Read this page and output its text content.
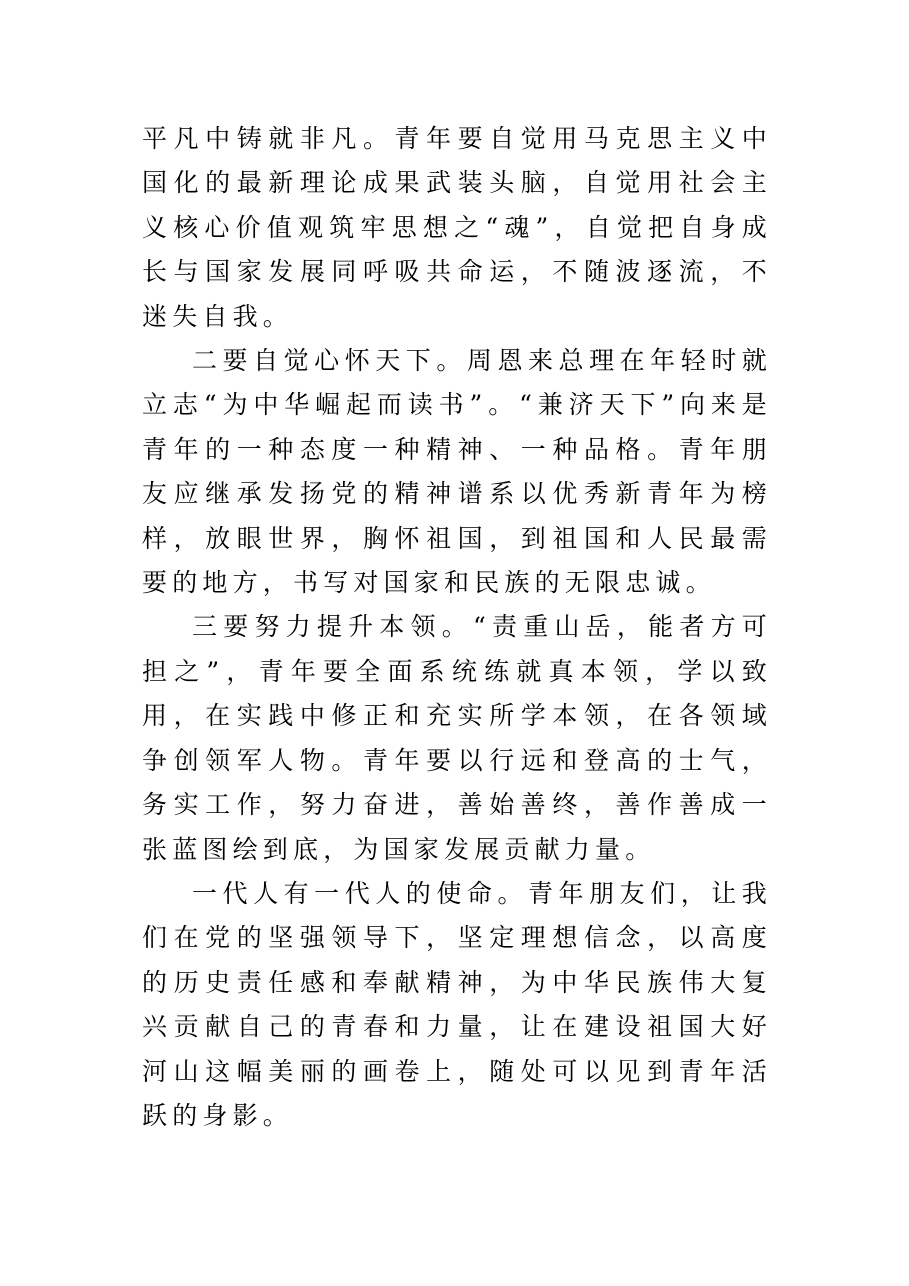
平凡中铸就非凡。青年要自觉用马克思主义中国化的最新理论成果武装头脑，自觉用社会主义核心价值观筑牢思想之“魂”，自觉把自身成长与国家发展同呼吸共命运，不随波逐流，不迷失自我。

二要自觉心怀天下。周恩来总理在年轻时就立志“为中华崛起而读书”。“兼济天下”向来是青年的一种态度一种精神、一种品格。青年朋友应继承发扬党的精神谱系以优秀新青年为榜样，放眼世界，胸怀祖国，到祖国和人民最需要的地方，书写对国家和民族的无限忠诚。

三要努力提升本领。“责重山岳，能者方可担之”，青年要全面系统练就真本领，学以致用，在实践中修正和充实所学本领，在各领域争创领军人物。青年要以行远和登高的士气，务实工作，努力奋进，善始善终，善作善成一张蓝图绘到底，为国家发展贡献力量。

一代人有一代人的使命。青年朋友们，让我们在党的坚强领导下，坚定理想信念，以高度的历史责任感和奉献精神，为中华民族伟大复兴贡献自己的青春和力量，让在建设祖国大好河山这幅美丽的画卷上，随处可以见到青年活跃的身影。
